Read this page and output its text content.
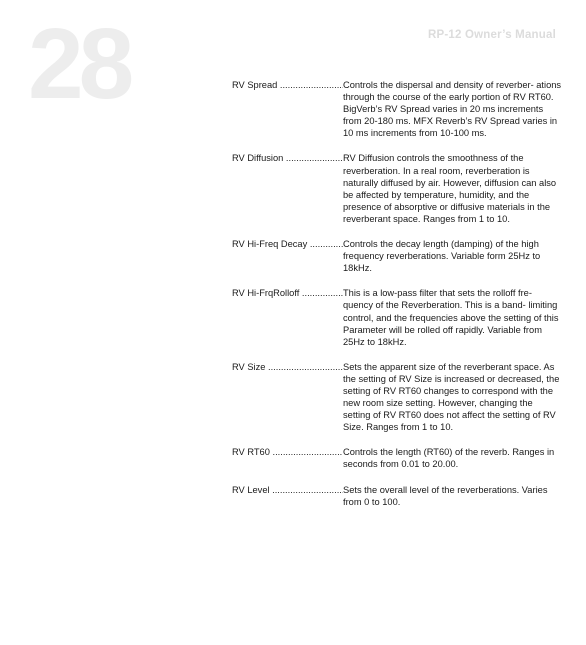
28	RP-12 Owner’s Manual
RV Spread .....	Controls the dispersal and density of reverber- ations through the course of the early portion of RV RT60. BigVerb’s RV Spread varies in 20 ms increments from 20-180 ms. MFX Reverb’s RV Spread varies in 10 ms increments from 10-100 ms.

RV Diffusion .....	RV Diffusion controls the smoothness of the reverberation. In a real room, reverberation is naturally diffused by air. However, diffusion can also be affected by temperature, humidity, and the presence of absorptive or diffusive materials in the reverberant space. Ranges from 1 to 10.

RV Hi-Freq Decay .....	Controls the decay length (damping) of the high frequency reverberations. Variable form 25Hz to 18kHz.

RV Hi-FrqRolloff .....	This is a low-pass filter that sets the rolloff fre- quency of the Reverberation. This is a band- limiting control, and the frequencies above the setting of this Parameter will be rolled off rapidly. Variable from 25Hz to 18kHz.

RV Size .....	Sets the apparent size of the reverberant space. As the setting of RV Size is increased or decreased, the setting of RV RT60 changes to correspond with the new room size setting. However, changing the setting of RV RT60 does not affect the setting of RV Size. Ranges from 1 to 10.

RV RT60 .....	Controls the length (RT60) of the reverb. Ranges in seconds from 0.01 to 20.00.

RV Level .....	Sets the overall level of the reverberations. Varies from 0 to 100.
